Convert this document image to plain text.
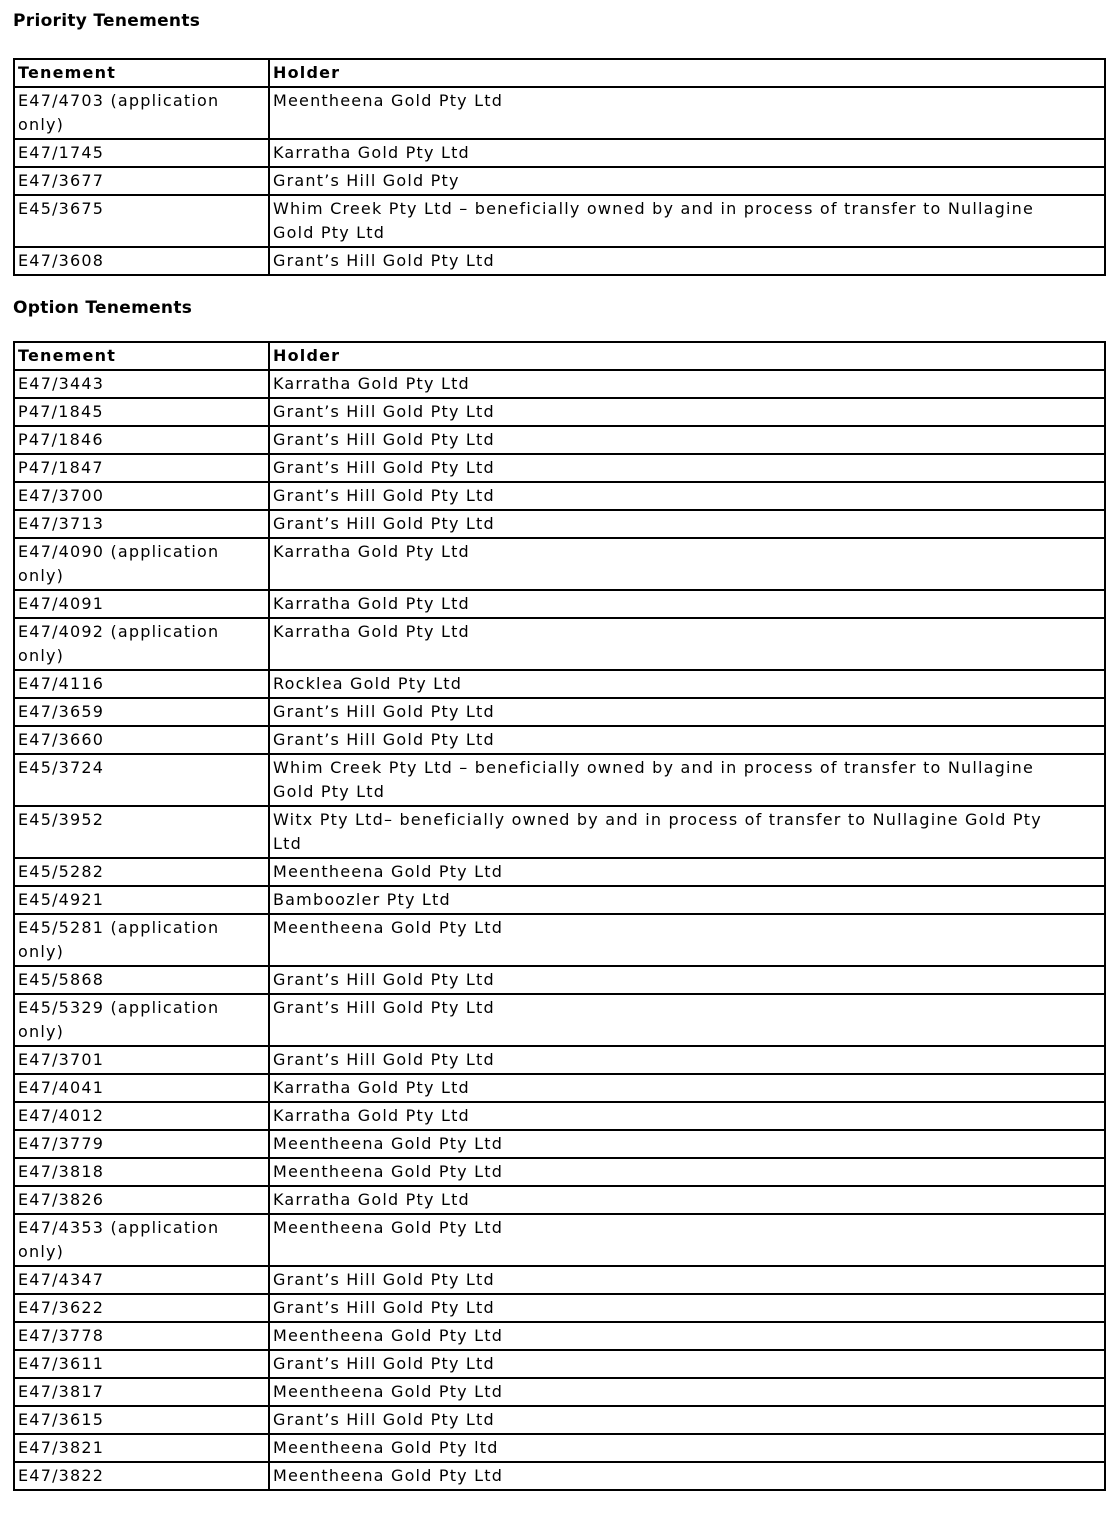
Priority Tenements
Tenement	Holder
E47/4703 (application only)	Meentheena Gold Pty Ltd
E47/1745	Karratha Gold Pty Ltd
E47/3677	Grant’s Hill Gold Pty
E45/3675	Whim Creek Pty Ltd – beneficially owned by and in process of transfer to Nullagine Gold Pty Ltd
E47/3608	Grant’s Hill Gold Pty Ltd
Option Tenements
Tenement	Holder
E47/3443	Karratha Gold Pty Ltd
P47/1845	Grant’s Hill Gold Pty Ltd
P47/1846	Grant’s Hill Gold Pty Ltd
P47/1847	Grant’s Hill Gold Pty Ltd
E47/3700	Grant’s Hill Gold Pty Ltd
E47/3713	Grant’s Hill Gold Pty Ltd
E47/4090 (application only)	Karratha Gold Pty Ltd
E47/4091	Karratha Gold Pty Ltd
E47/4092 (application only)	Karratha Gold Pty Ltd
E47/4116	Rocklea Gold Pty Ltd
E47/3659	Grant’s Hill Gold Pty Ltd
E47/3660	Grant’s Hill Gold Pty Ltd
E45/3724	Whim Creek Pty Ltd – beneficially owned by and in process of transfer to Nullagine Gold Pty Ltd
E45/3952	Witx Pty Ltd– beneficially owned by and in process of transfer to Nullagine Gold Pty Ltd
E45/5282	Meentheena Gold Pty Ltd
E45/4921	Bamboozler Pty Ltd
E45/5281 (application only)	Meentheena Gold Pty Ltd
E45/5868	Grant’s Hill Gold Pty Ltd
E45/5329 (application only)	Grant’s Hill Gold Pty Ltd
E47/3701	Grant’s Hill Gold Pty Ltd
E47/4041	Karratha Gold Pty Ltd
E47/4012	Karratha Gold Pty Ltd
E47/3779	Meentheena Gold Pty Ltd
E47/3818	Meentheena Gold Pty Ltd
E47/3826	Karratha Gold Pty Ltd
E47/4353 (application only)	Meentheena Gold Pty Ltd
E47/4347	Grant’s Hill Gold Pty Ltd
E47/3622	Grant’s Hill Gold Pty Ltd
E47/3778	Meentheena Gold Pty Ltd
E47/3611	Grant’s Hill Gold Pty Ltd
E47/3817	Meentheena Gold Pty Ltd
E47/3615	Grant’s Hill Gold Pty Ltd
E47/3821	Meentheena Gold Pty ltd
E47/3822	Meentheena Gold Pty Ltd
